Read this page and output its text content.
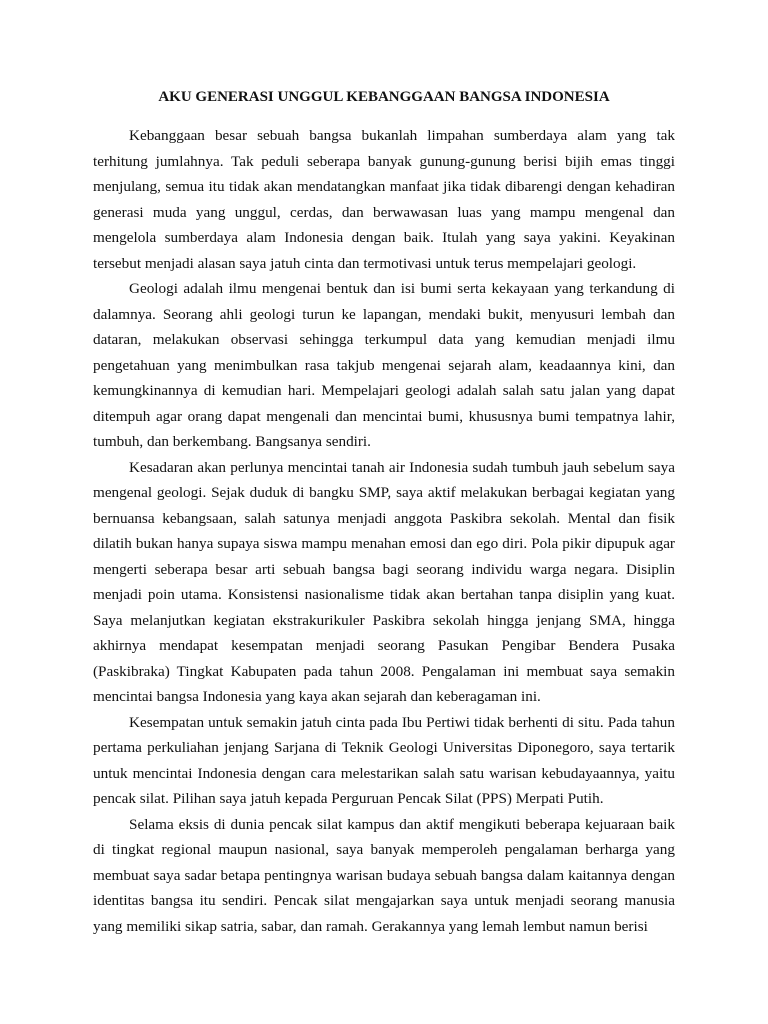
AKU GENERASI UNGGUL KEBANGGAAN BANGSA INDONESIA

Kebanggaan besar sebuah bangsa bukanlah limpahan sumberdaya alam yang tak terhitung jumlahnya. Tak peduli seberapa banyak gunung-gunung berisi bijih emas tinggi menjulang, semua itu tidak akan mendatangkan manfaat jika tidak dibarengi dengan kehadiran generasi muda yang unggul, cerdas, dan berwawasan luas yang mampu mengenal dan mengelola sumberdaya alam Indonesia dengan baik. Itulah yang saya yakini. Keyakinan tersebut menjadi alasan saya jatuh cinta dan termotivasi untuk terus mempelajari geologi.

Geologi adalah ilmu mengenai bentuk dan isi bumi serta kekayaan yang terkandung di dalamnya. Seorang ahli geologi turun ke lapangan, mendaki bukit, menyusuri lembah dan dataran, melakukan observasi sehingga terkumpul data yang kemudian menjadi ilmu pengetahuan yang menimbulkan rasa takjub mengenai sejarah alam, keadaannya kini, dan kemungkinannya di kemudian hari. Mempelajari geologi adalah salah satu jalan yang dapat ditempuh agar orang dapat mengenali dan mencintai bumi, khususnya bumi tempatnya lahir, tumbuh, dan berkembang. Bangsanya sendiri.

Kesadaran akan perlunya mencintai tanah air Indonesia sudah tumbuh jauh sebelum saya mengenal geologi. Sejak duduk di bangku SMP, saya aktif melakukan berbagai kegiatan yang bernuansa kebangsaan, salah satunya menjadi anggota Paskibra sekolah. Mental dan fisik dilatih bukan hanya supaya siswa mampu menahan emosi dan ego diri. Pola pikir dipupuk agar mengerti seberapa besar arti sebuah bangsa bagi seorang individu warga negara. Disiplin menjadi poin utama. Konsistensi nasionalisme tidak akan bertahan tanpa disiplin yang kuat. Saya melanjutkan kegiatan ekstrakurikuler Paskibra sekolah hingga jenjang SMA, hingga akhirnya mendapat kesempatan menjadi seorang Pasukan Pengibar Bendera Pusaka (Paskibraka) Tingkat Kabupaten pada tahun 2008. Pengalaman ini membuat saya semakin mencintai bangsa Indonesia yang kaya akan sejarah dan keberagaman ini.

Kesempatan untuk semakin jatuh cinta pada Ibu Pertiwi tidak berhenti di situ. Pada tahun pertama perkuliahan jenjang Sarjana di Teknik Geologi Universitas Diponegoro, saya tertarik untuk mencintai Indonesia dengan cara melestarikan salah satu warisan kebudayaannya, yaitu pencak silat. Pilihan saya jatuh kepada Perguruan Pencak Silat (PPS) Merpati Putih.

Selama eksis di dunia pencak silat kampus dan aktif mengikuti beberapa kejuaraan baik di tingkat regional maupun nasional, saya banyak memperoleh pengalaman berharga yang membuat saya sadar betapa pentingnya warisan budaya sebuah bangsa dalam kaitannya dengan identitas bangsa itu sendiri. Pencak silat mengajarkan saya untuk menjadi seorang manusia yang memiliki sikap satria, sabar, dan ramah. Gerakannya yang lemah lembut namun berisi
